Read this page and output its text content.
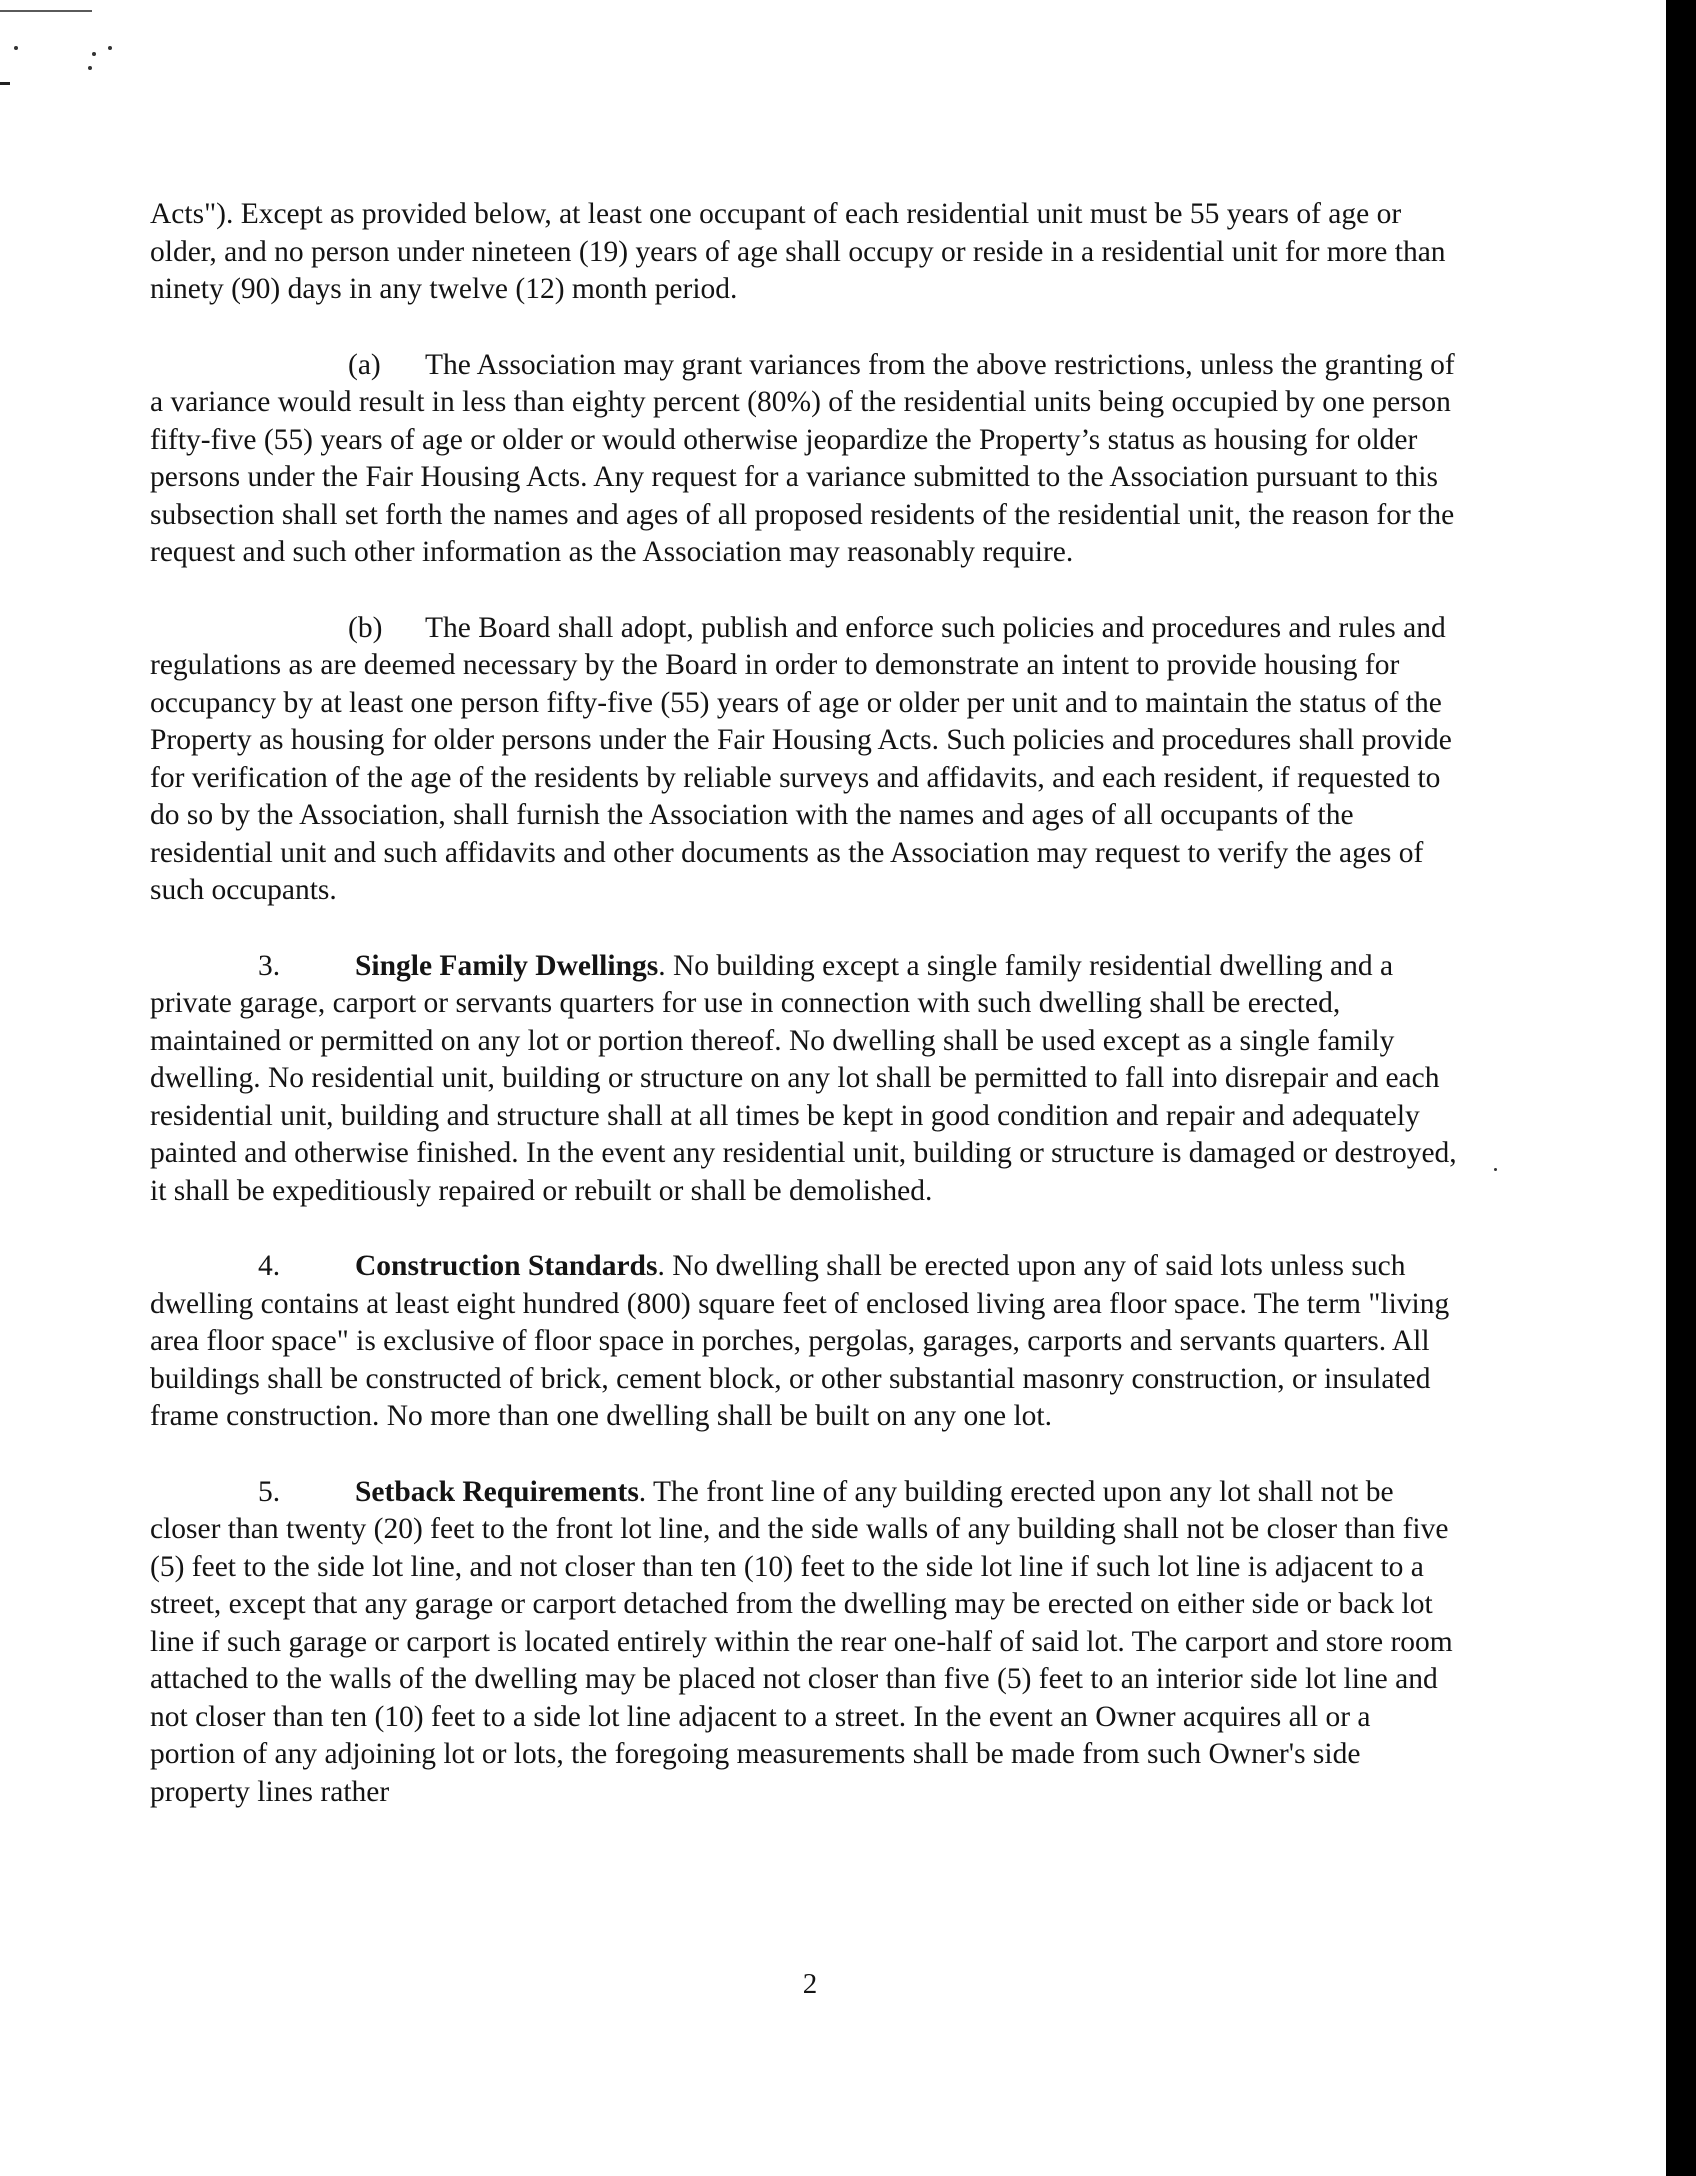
Acts"). Except as provided below, at least one occupant of each residential unit must be 55 years of age or older, and no person under nineteen (19) years of age shall occupy or reside in a residential unit for more than ninety (90) days in any twelve (12) month period.

(a) The Association may grant variances from the above restrictions, unless the granting of a variance would result in less than eighty percent (80%) of the residential units being occupied by one person fifty-five (55) years of age or older or would otherwise jeopardize the Property’s status as housing for older persons under the Fair Housing Acts. Any request for a variance submitted to the Association pursuant to this subsection shall set forth the names and ages of all proposed residents of the residential unit, the reason for the request and such other information as the Association may reasonably require.

(b) The Board shall adopt, publish and enforce such policies and procedures and rules and regulations as are deemed necessary by the Board in order to demonstrate an intent to provide housing for occupancy by at least one person fifty-five (55) years of age or older per unit and to maintain the status of the Property as housing for older persons under the Fair Housing Acts. Such policies and procedures shall provide for verification of the age of the residents by reliable surveys and affidavits, and each resident, if requested to do so by the Association, shall furnish the Association with the names and ages of all occupants of the residential unit and such affidavits and other documents as the Association may request to verify the ages of such occupants.

3.	Single Family Dwellings. No building except a single family residential dwelling and a private garage, carport or servants quarters for use in connection with such dwelling shall be erected, maintained or permitted on any lot or portion thereof. No dwelling shall be used except as a single family dwelling. No residential unit, building or structure on any lot shall be permitted to fall into disrepair and each residential unit, building and structure shall at all times be kept in good condition and repair and adequately painted and otherwise finished. In the event any residential unit, building or structure is damaged or destroyed, it shall be expeditiously repaired or rebuilt or shall be demolished.

4.	Construction Standards. No dwelling shall be erected upon any of said lots unless such dwelling contains at least eight hundred (800) square feet of enclosed living area floor space. The term "living area floor space" is exclusive of floor space in porches, pergolas, garages, carports and servants quarters. All buildings shall be constructed of brick, cement block, or other substantial masonry construction, or insulated frame construction. No more than one dwelling shall be built on any one lot.

5.	Setback Requirements. The front line of any building erected upon any lot shall not be closer than twenty (20) feet to the front lot line, and the side walls of any building shall not be closer than five (5) feet to the side lot line, and not closer than ten (10) feet to the side lot line if such lot line is adjacent to a street, except that any garage or carport detached from the dwelling may be erected on either side or back lot line if such garage or carport is located entirely within the rear one-half of said lot. The carport and store room attached to the walls of the dwelling may be placed not closer than five (5) feet to an interior side lot line and not closer than ten (10) feet to a side lot line adjacent to a street. In the event an Owner acquires all or a portion of any adjoining lot or lots, the foregoing measurements shall be made from such Owner's side property lines rather

2
